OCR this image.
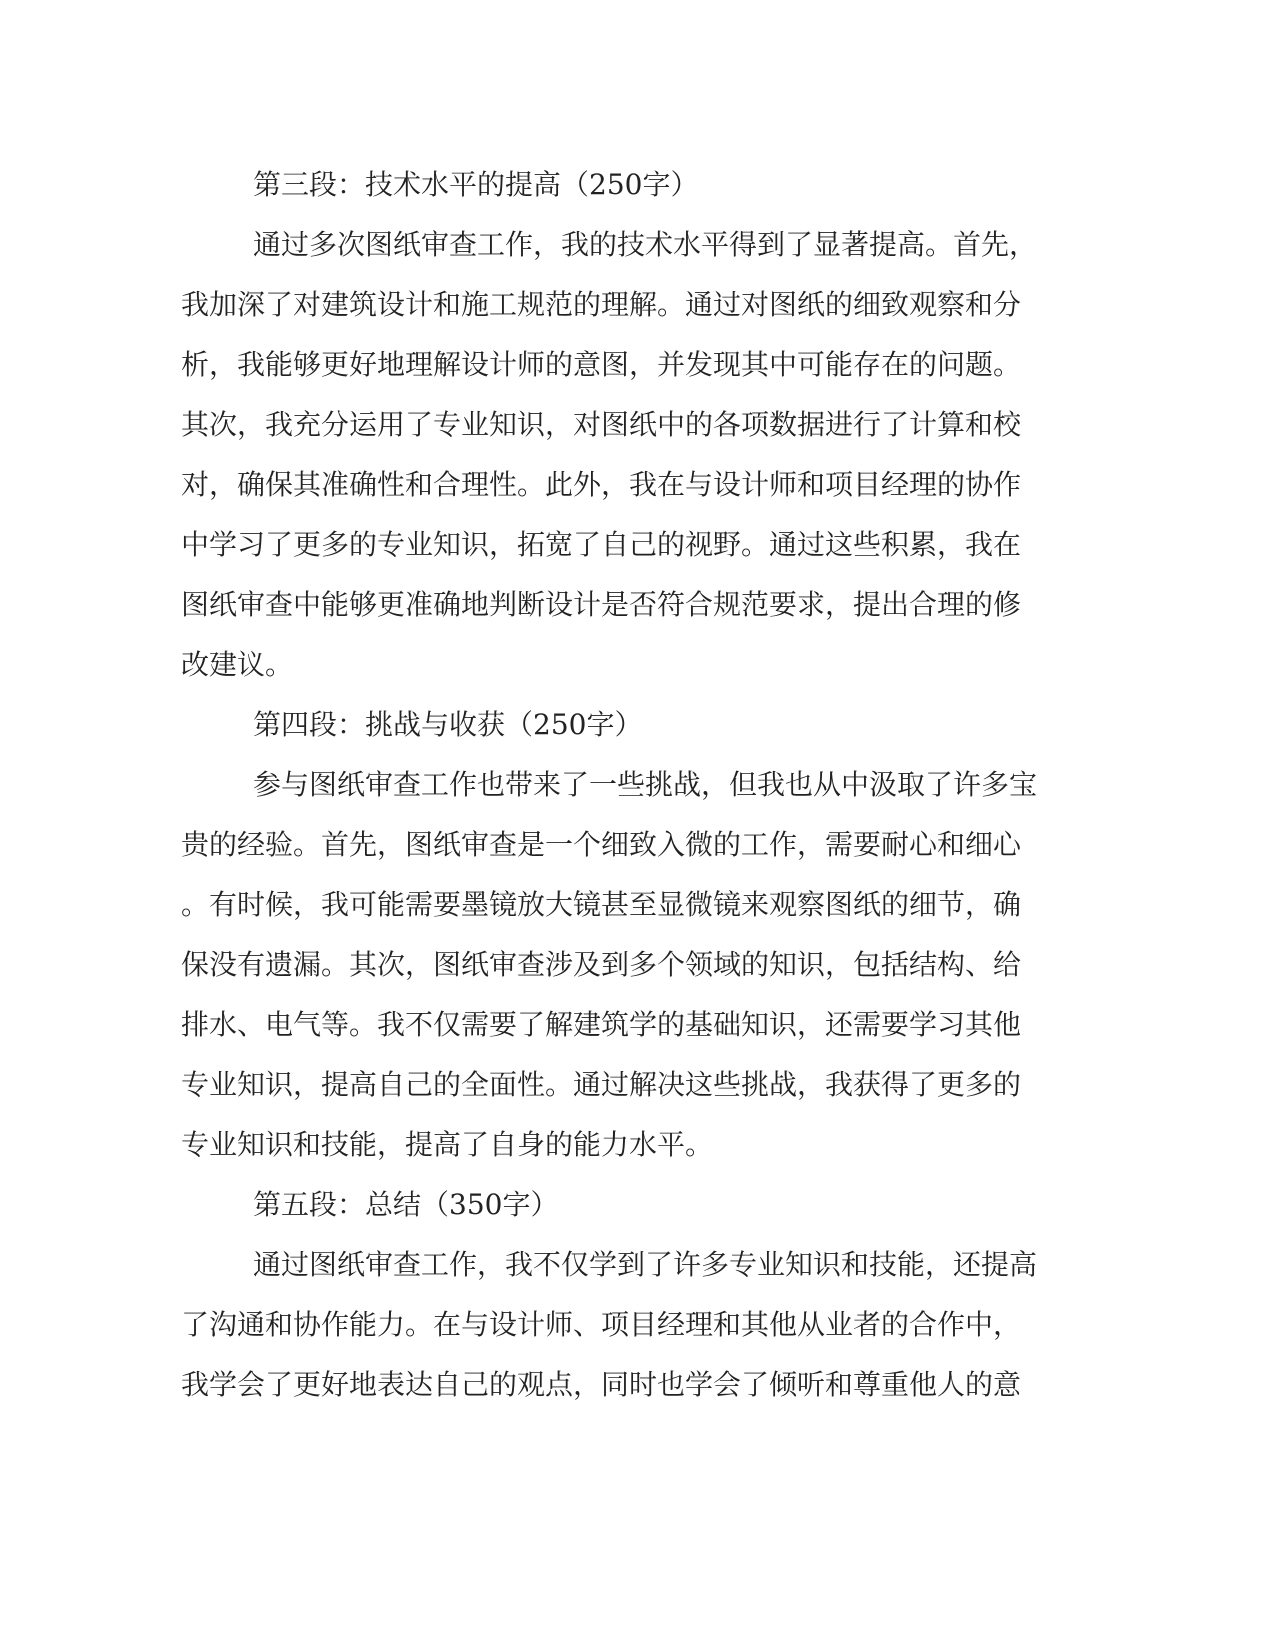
第三段：技术水平的提高（250字）
通过多次图纸审查工作，我的技术水平得到了显著提高。首先，
我加深了对建筑设计和施工规范的理解。通过对图纸的细致观察和分
析，我能够更好地理解设计师的意图，并发现其中可能存在的问题。
其次，我充分运用了专业知识，对图纸中的各项数据进行了计算和校
对，确保其准确性和合理性。此外，我在与设计师和项目经理的协作
中学习了更多的专业知识，拓宽了自己的视野。通过这些积累，我在
图纸审查中能够更准确地判断设计是否符合规范要求，提出合理的修
改建议。
第四段：挑战与收获（250字）
参与图纸审查工作也带来了一些挑战，但我也从中汲取了许多宝
贵的经验。首先，图纸审查是一个细致入微的工作，需要耐心和细心
。有时候，我可能需要墨镜放大镜甚至显微镜来观察图纸的细节，确
保没有遗漏。其次，图纸审查涉及到多个领域的知识，包括结构、给
排水、电气等。我不仅需要了解建筑学的基础知识，还需要学习其他
专业知识，提高自己的全面性。通过解决这些挑战，我获得了更多的
专业知识和技能，提高了自身的能力水平。
第五段：总结（350字）
通过图纸审查工作，我不仅学到了许多专业知识和技能，还提高
了沟通和协作能力。在与设计师、项目经理和其他从业者的合作中，
我学会了更好地表达自己的观点，同时也学会了倾听和尊重他人的意
